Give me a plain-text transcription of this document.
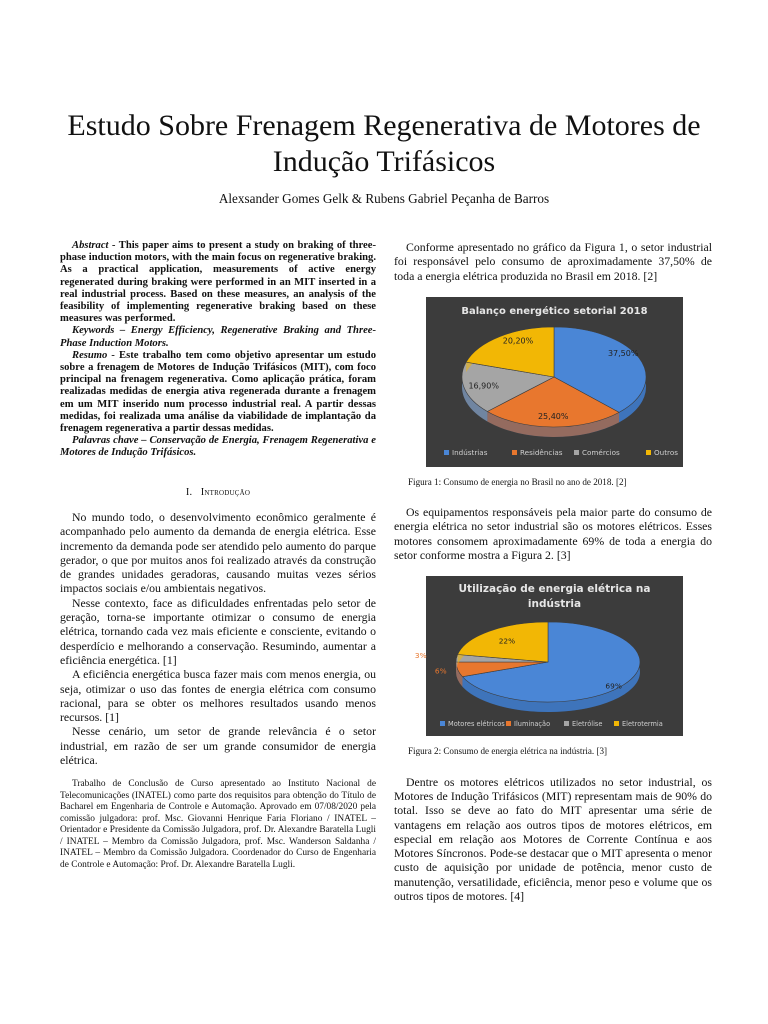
Estudo Sobre Frenagem Regenerativa de Motores de
Indução Trifásicos
Alexsander Gomes Gelk & Rubens Gabriel Peçanha de Barros

Abstract - This paper aims to present a study on braking of three-phase induction motors, with the main focus on regenerative braking. As a practical application, measurements of active energy regenerated during braking were performed in an MIT inserted in a real industrial process. Based on these measures, an analysis of the feasibility of implementing regenerative braking based on these measures was performed.

Keywords – Energy Efficiency, Regenerative Braking and Three-Phase Induction Motors.

Resumo - Este trabalho tem como objetivo apresentar um estudo sobre a frenagem de Motores de Indução Trifásicos (MIT), com foco principal na frenagem regenerativa. Como aplicação prática, foram realizadas medidas de energia ativa regenerada durante a frenagem em um MIT inserido num processo industrial real. A partir dessas medidas, foi realizada uma análise da viabilidade de implantação da frenagem regenerativa a partir dessas medidas.

Palavras chave – Conservação de Energia, Frenagem Regenerativa e Motores de Indução Trifásicos.

I. Introdução

No mundo todo, o desenvolvimento econômico geralmente é acompanhado pelo aumento da demanda de energia elétrica. Esse incremento da demanda pode ser atendido pelo aumento do parque gerador, o que por muitos anos foi realizado através da construção de grandes unidades geradoras, causando muitas vezes sérios impactos sociais e/ou ambientais negativos.

Nesse contexto, face as dificuldades enfrentadas pelo setor de geração, torna-se importante otimizar o consumo de energia elétrica, tornando cada vez mais eficiente e consciente, evitando o desperdício e melhorando a conservação. Resumindo, aumentar a eficiência energética. [1]

A eficiência energética busca fazer mais com menos energia, ou seja, otimizar o uso das fontes de energia elétrica com consumo racional, para se obter os melhores resultados usando menos recursos. [1]

Nesse cenário, um setor de grande relevância é o setor industrial, em razão de ser um grande consumidor de energia elétrica.

Trabalho de Conclusão de Curso apresentado ao Instituto Nacional de Telecomunicações (INATEL) como parte dos requisitos para obtenção do Título de Bacharel em Engenharia de Controle e Automação. Aprovado em 07/08/2020 pela comissão julgadora: prof. Msc. Giovanni Henrique Faria Floriano / INATEL – Orientador e Presidente da Comissão Julgadora, prof. Dr. Alexandre Baratella Lugli / INATEL – Membro da Comissão Julgadora, prof. Msc. Wanderson Saldanha / INATEL – Membro da Comissão Julgadora. Coordenador do Curso de Engenharia de Controle e Automação: Prof. Dr. Alexandre Baratella Lugli.

Conforme apresentado no gráfico da Figura 1, o setor industrial foi responsável pelo consumo de aproximadamente 37,50% de toda a energia elétrica produzida no Brasil em 2018. [2]

Balanço energético setorial 2018
37,50%
25,40%
16,90%
20,20%
Indústrias	Residências	Comércios	Outros
Figura 1: Consumo de energia no Brasil no ano de 2018. [2]

Os equipamentos responsáveis pela maior parte do consumo de energia elétrica no setor industrial são os motores elétricos. Esses motores consomem aproximadamente 69% de toda a energia do setor conforme mostra a Figura 2. [3]

Utilização de energia elétrica na
indústria
69%
6%
3%
22%
Motores elétricos Iluminação	Eletrólise	Eletrotermia
Figura 2: Consumo de energia elétrica na indústria. [3]

Dentre os motores elétricos utilizados no setor industrial, os Motores de Indução Trifásicos (MIT) representam mais de 90% do total. Isso se deve ao fato do MIT apresentar uma série de vantagens em relação aos outros tipos de motores elétricos, em especial em relação aos Motores de Corrente Contínua e aos Motores Síncronos. Pode-se destacar que o MIT apresenta o menor custo de aquisição por unidade de potência, menor custo de manutenção, versatilidade, eficiência, menor peso e volume que os outros tipos de motores. [4]
